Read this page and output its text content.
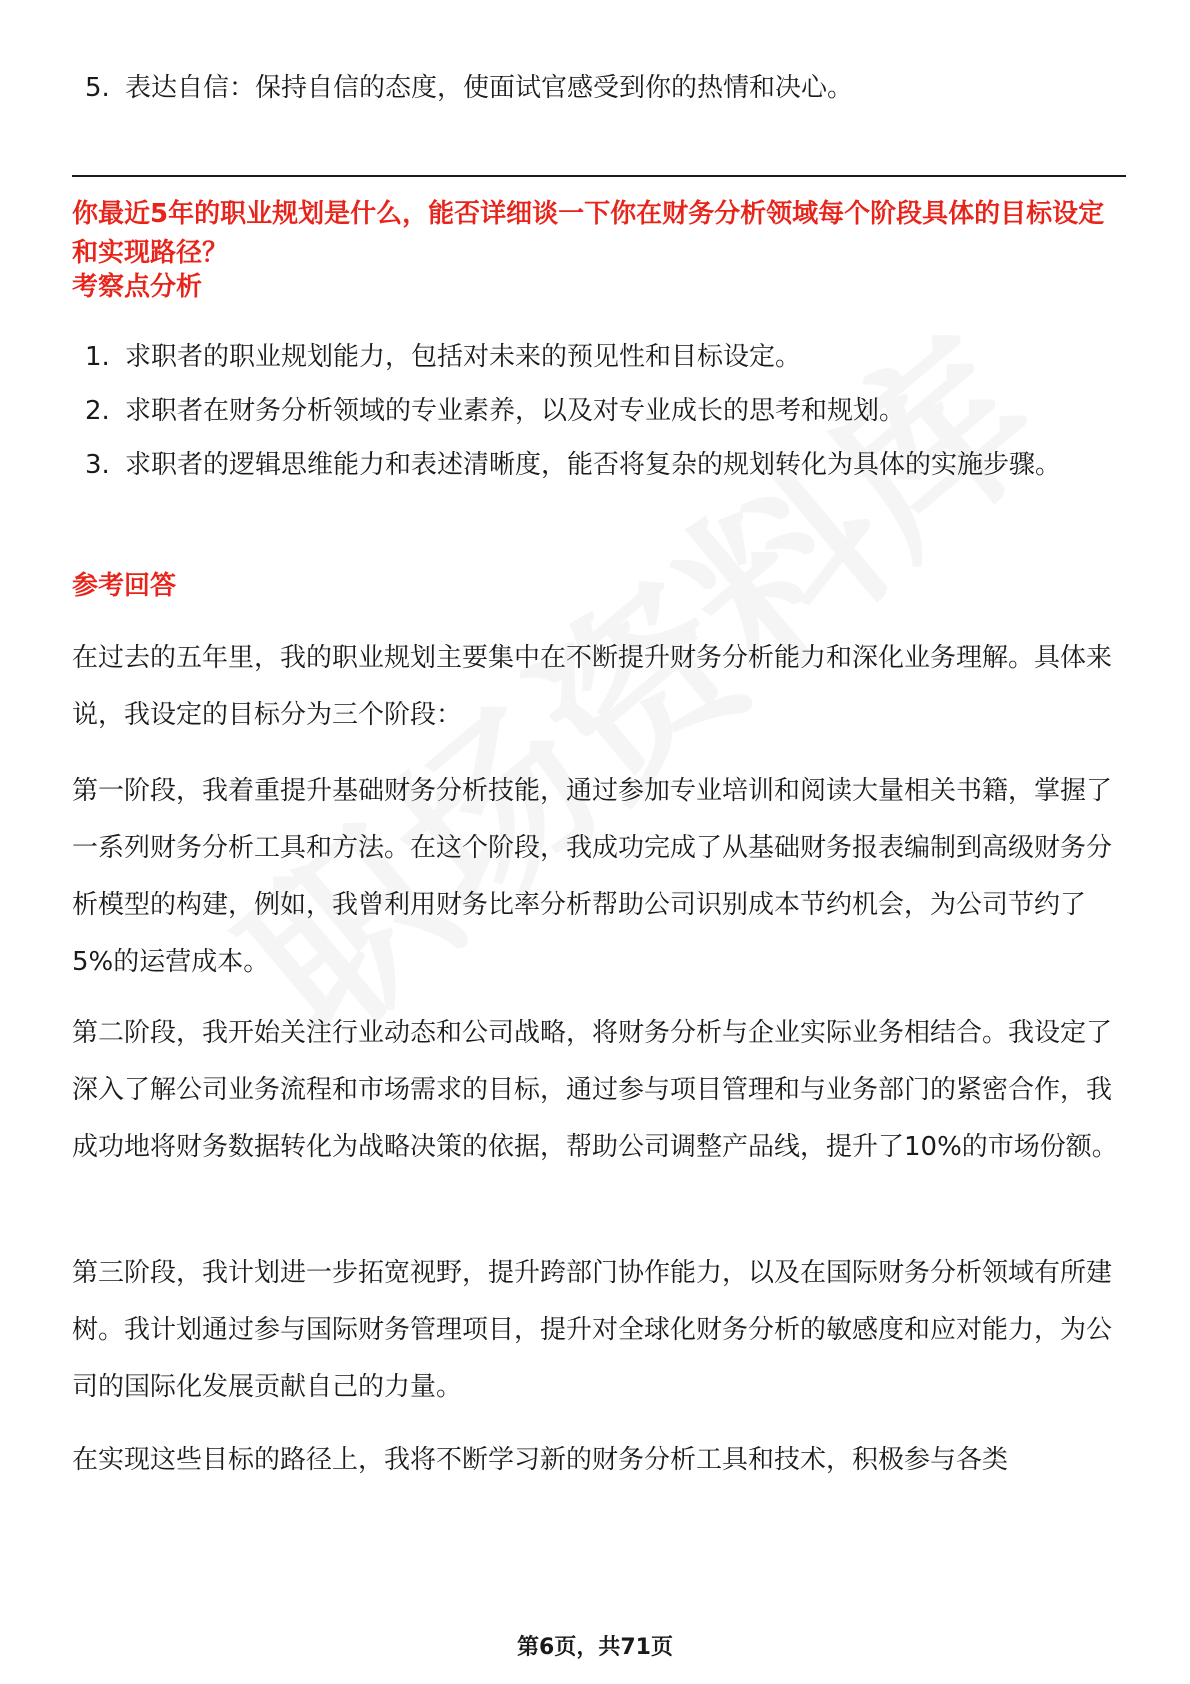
5. 表达自信：保持自信的态度，使面试官感受到你的热情和决心。
你最近5年的职业规划是什么，能否详细谈一下你在财务分析领域每个阶段具体的目标设定和实现路径？
考察点分析
1. 求职者的职业规划能力，包括对未来的预见性和目标设定。
2. 求职者在财务分析领域的专业素养，以及对专业成长的思考和规划。
3. 求职者的逻辑思维能力和表述清晰度，能否将复杂的规划转化为具体的实施步骤。
参考回答
在过去的五年里，我的职业规划主要集中在不断提升财务分析能力和深化业务理解。具体来说，我设定的目标分为三个阶段：
第一阶段，我着重提升基础财务分析技能，通过参加专业培训和阅读大量相关书籍，掌握了一系列财务分析工具和方法。在这个阶段，我成功完成了从基础财务报表编制到高级财务分析模型的构建，例如，我曾利用财务比率分析帮助公司识别成本节约机会，为公司节约了5%的运营成本。
第二阶段，我开始关注行业动态和公司战略，将财务分析与企业实际业务相结合。我设定了深入了解公司业务流程和市场需求的目标，通过参与项目管理和与业务部门的紧密合作，我成功地将财务数据转化为战略决策的依据，帮助公司调整产品线，提升了10%的市场份额。
第三阶段，我计划进一步拓宽视野，提升跨部门协作能力，以及在国际财务分析领域有所建树。我计划通过参与国际财务管理项目，提升对全球化财务分析的敏感度和应对能力，为公司的国际化发展贡献自己的力量。
在实现这些目标的路径上，我将不断学习新的财务分析工具和技术，积极参与各类
第6页，共71页
